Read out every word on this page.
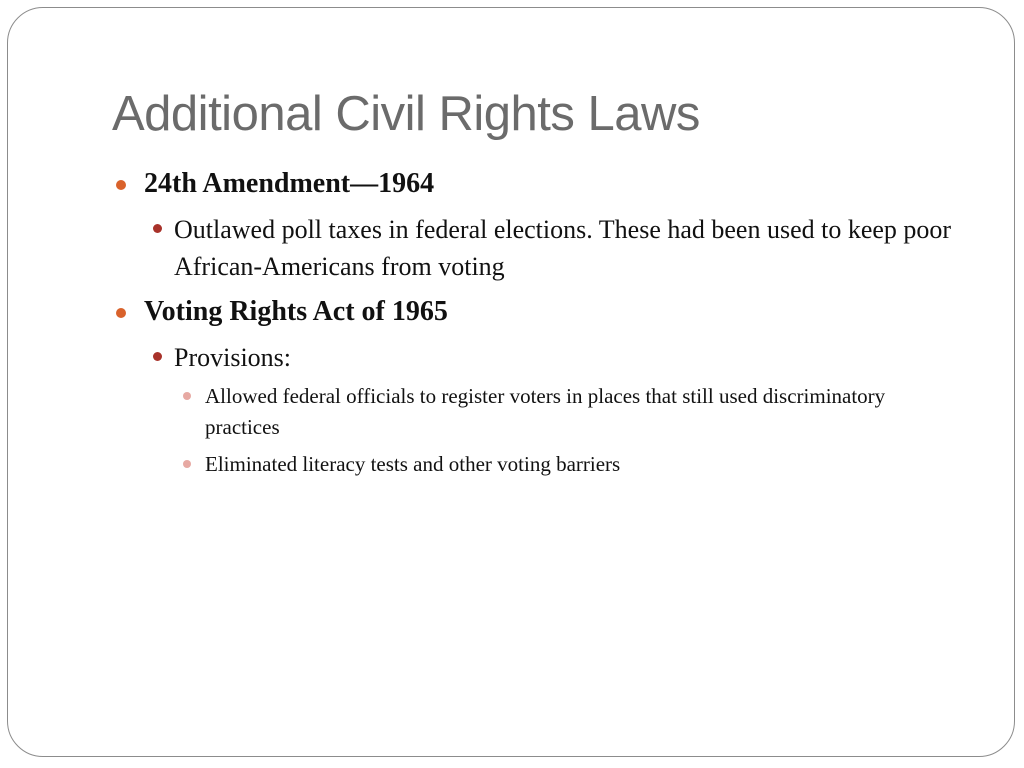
Additional Civil Rights Laws
24th Amendment—1964
Outlawed poll taxes in federal elections. These had been used to keep poor African-Americans from voting
Voting Rights Act of 1965
Provisions:
Allowed federal officials to register voters in places that still used discriminatory practices
Eliminated literacy tests and other voting barriers
